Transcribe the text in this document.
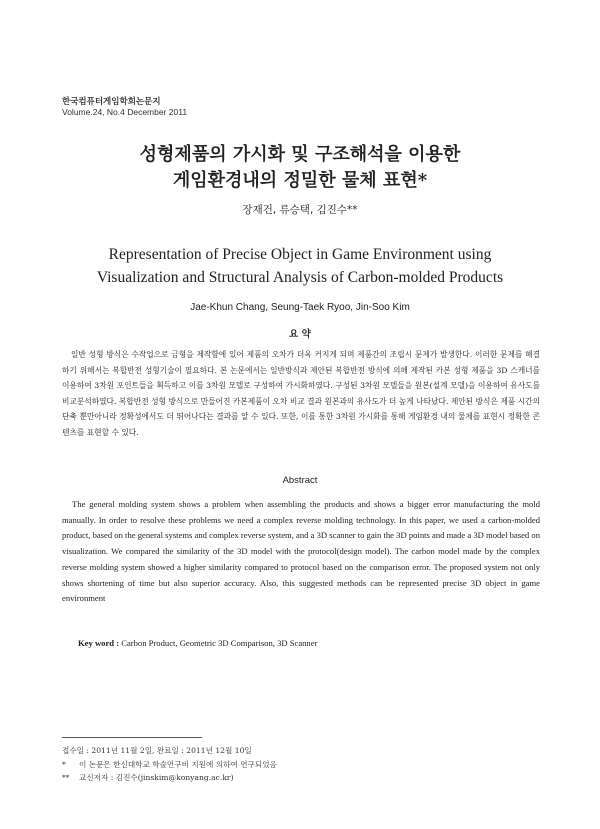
한국컴퓨터게임학회논문지
Volume.24, No.4 December 2011
성형제품의 가시화 및 구조해석을 이용한
게임환경내의 정밀한 물체 표현*
장재건, 류승택, 김진수**
Representation of Precise Object in Game Environment using
Visualization and Structural Analysis of Carbon-molded Products
Jae-Khun Chang, Seung-Taek Ryoo, Jin-Soo Kim
요 약

일반 성형 방식은 수작업으로 금형을 제작함에 있어 제품의 오차가 더욱 커지게 되며 제품간의 조립시 문제가 발생한다. 이러한 문제를 해결하기 위해서는 복합반전 성형기술이 필요하다. 본 논문에서는 일반방식과 제안된 복합반전 방식에 의해 제작된 카본 성형 제품을 3D 스캐너를 이용하여 3차원 포인트들을 획득하고 이를 3차원 모델로 구성하여 가시화하였다. 구성된 3차원 모델들을 원본(설계 모델)을 이용하여 유사도를 비교분석하였다. 복합반전 성형 방식으로 만들어진 카본제품이 오차 비교 결과 원본과의 유사도가 더 높게 나타났다. 제안된 방식은 제품 시간의 단축 뿐만아니라 정확성에서도 더 뛰어나다는 결과를 알 수 있다. 또한, 이를 통한 3차원 가시화를 통해 게임환경 내의 물체를 표현시 정확한 콘텐츠를 표현할 수 있다.

Abstract

The general molding system shows a problem when assembling the products and shows a bigger error manufacturing the mold manually. In order to resolve these problems we need a complex reverse molding technology. In this paper, we used a carbon-molded product, based on the general systems and complex reverse system, and a 3D scanner to gain the 3D points and made a 3D model based on visualization. We compared the similarity of the 3D model with the protocol(design model). The carbon model made by the complex reverse molding system showed a higher similarity compared to protocol based on the comparison error. The proposed system not only shows shortening of time but also superior accuracy. Also, this suggested methods can be represented precise 3D object in game environment

Key word : Carbon Product, Geometric 3D Comparison, 3D Scanner
접수일 : 2011년 11월 2일, 완료일 : 2011년 12월 10일
* 이 논문은 한신대학교 학술연구비 지원에 의하여 연구되었음
** 교신저자 : 김진수(jinskim@konyang.ac.kr)
